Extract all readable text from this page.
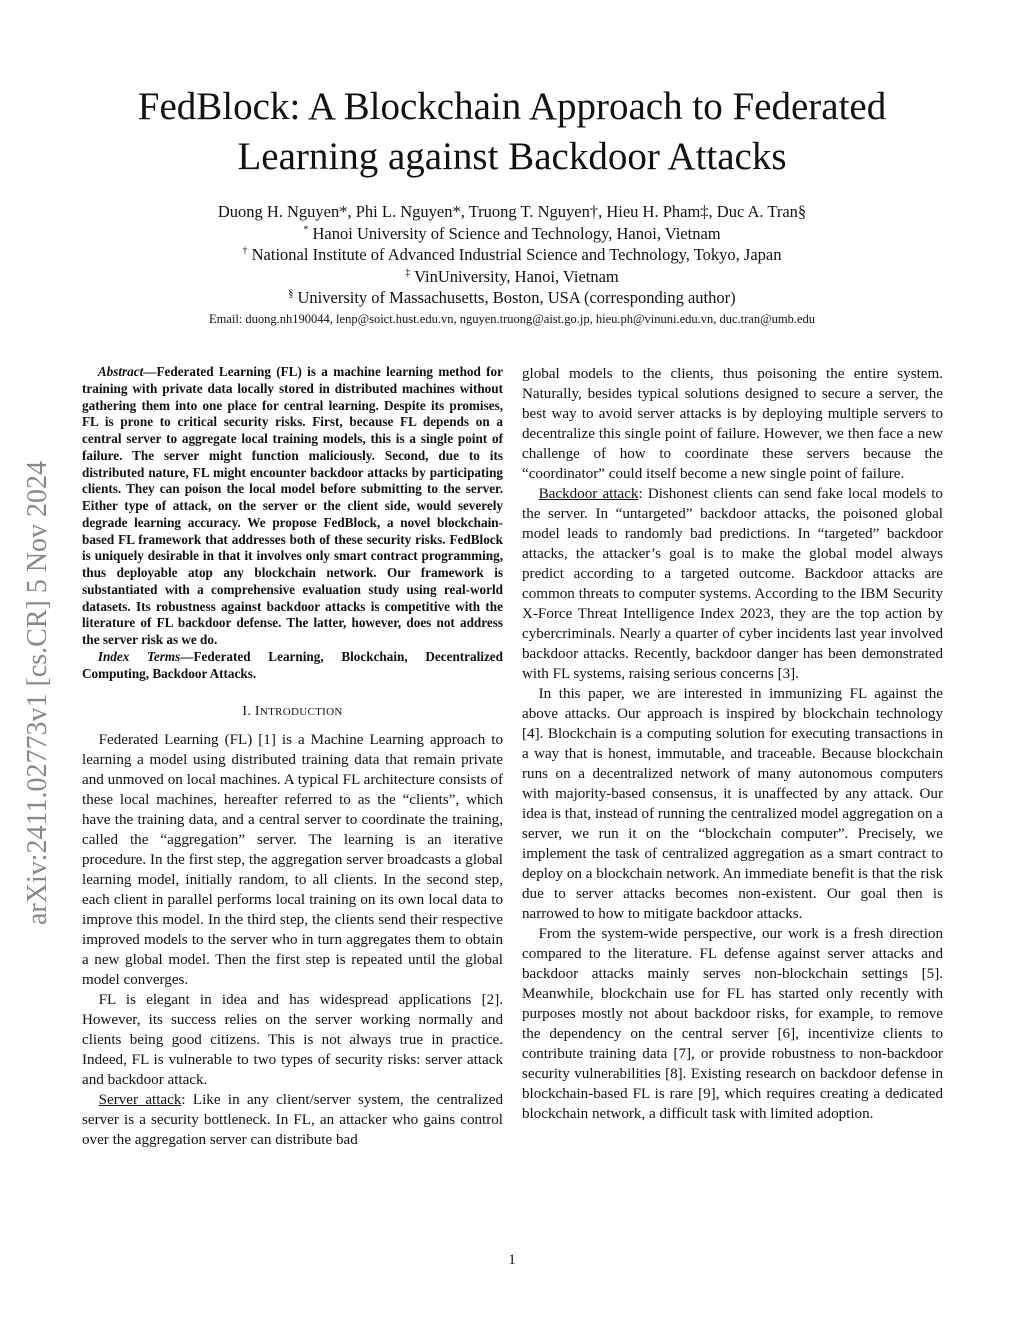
FedBlock: A Blockchain Approach to Federated
Learning against Backdoor Attacks
Duong H. Nguyen*, Phi L. Nguyen*, Truong T. Nguyen†, Hieu H. Pham‡, Duc A. Tran§
* Hanoi University of Science and Technology, Hanoi, Vietnam
† National Institute of Advanced Industrial Science and Technology, Tokyo, Japan
‡ VinUniversity, Hanoi, Vietnam
§ University of Massachusetts, Boston, USA (corresponding author)
Email: duong.nh190044, lenp@soict.hust.edu.vn, nguyen.truong@aist.go.jp, hieu.ph@vinuni.edu.vn, duc.tran@umb.edu
arXiv:2411.02773v1 [cs.CR] 5 Nov 2024

Abstract—Federated Learning (FL) is a machine learning method for training with private data locally stored in distributed machines without gathering them into one place for central learning. Despite its promises, FL is prone to critical security risks. First, because FL depends on a central server to aggregate local training models, this is a single point of failure. The server might function maliciously. Second, due to its distributed nature, FL might encounter backdoor attacks by participating clients. They can poison the local model before submitting to the server. Either type of attack, on the server or the client side, would severely degrade learning accuracy. We propose FedBlock, a novel blockchain-based FL framework that addresses both of these security risks. FedBlock is uniquely desirable in that it involves only smart contract programming, thus deployable atop any blockchain network. Our framework is substantiated with a comprehensive evaluation study using real-world datasets. Its robustness against backdoor attacks is competitive with the literature of FL backdoor defense. The latter, however, does not address the server risk as we do.

Index Terms—Federated Learning, Blockchain, Decentralized Computing, Backdoor Attacks.

I. INTRODUCTION

Federated Learning (FL) [1] is a Machine Learning approach to learning a model using distributed training data that remain private and unmoved on local machines. A typical FL architecture consists of these local machines, hereafter referred to as the “clients”, which have the training data, and a central server to coordinate the training, called the “aggregation” server. The learning is an iterative procedure. In the first step, the aggregation server broadcasts a global learning model, initially random, to all clients. In the second step, each client in parallel performs local training on its own local data to improve this model. In the third step, the clients send their respective improved models to the server who in turn aggregates them to obtain a new global model. Then the first step is repeated until the global model converges.

FL is elegant in idea and has widespread applications [2]. However, its success relies on the server working normally and clients being good citizens. This is not always true in practice. Indeed, FL is vulnerable to two types of security risks: server attack and backdoor attack.

Server attack: Like in any client/server system, the centralized server is a security bottleneck. In FL, an attacker who gains control over the aggregation server can distribute bad

global models to the clients, thus poisoning the entire system. Naturally, besides typical solutions designed to secure a server, the best way to avoid server attacks is by deploying multiple servers to decentralize this single point of failure. However, we then face a new challenge of how to coordinate these servers because the “coordinator” could itself become a new single point of failure.

Backdoor attack: Dishonest clients can send fake local models to the server. In “untargeted” backdoor attacks, the poisoned global model leads to randomly bad predictions. In “targeted” backdoor attacks, the attacker’s goal is to make the global model always predict according to a targeted outcome. Backdoor attacks are common threats to computer systems. According to the IBM Security X-Force Threat Intelligence Index 2023, they are the top action by cybercriminals. Nearly a quarter of cyber incidents last year involved backdoor attacks. Recently, backdoor danger has been demonstrated with FL systems, raising serious concerns [3].

In this paper, we are interested in immunizing FL against the above attacks. Our approach is inspired by blockchain technology [4]. Blockchain is a computing solution for executing transactions in a way that is honest, immutable, and traceable. Because blockchain runs on a decentralized network of many autonomous computers with majority-based consensus, it is unaffected by any attack. Our idea is that, instead of running the centralized model aggregation on a server, we run it on the “blockchain computer”. Precisely, we implement the task of centralized aggregation as a smart contract to deploy on a blockchain network. An immediate benefit is that the risk due to server attacks becomes non-existent. Our goal then is narrowed to how to mitigate backdoor attacks.

From the system-wide perspective, our work is a fresh direction compared to the literature. FL defense against server attacks and backdoor attacks mainly serves non-blockchain settings [5]. Meanwhile, blockchain use for FL has started only recently with purposes mostly not about backdoor risks, for example, to remove the dependency on the central server [6], incentivize clients to contribute training data [7], or provide robustness to non-backdoor security vulnerabilities [8]. Existing research on backdoor defense in blockchain-based FL is rare [9], which requires creating a dedicated blockchain network, a difficult task with limited adoption.

1
